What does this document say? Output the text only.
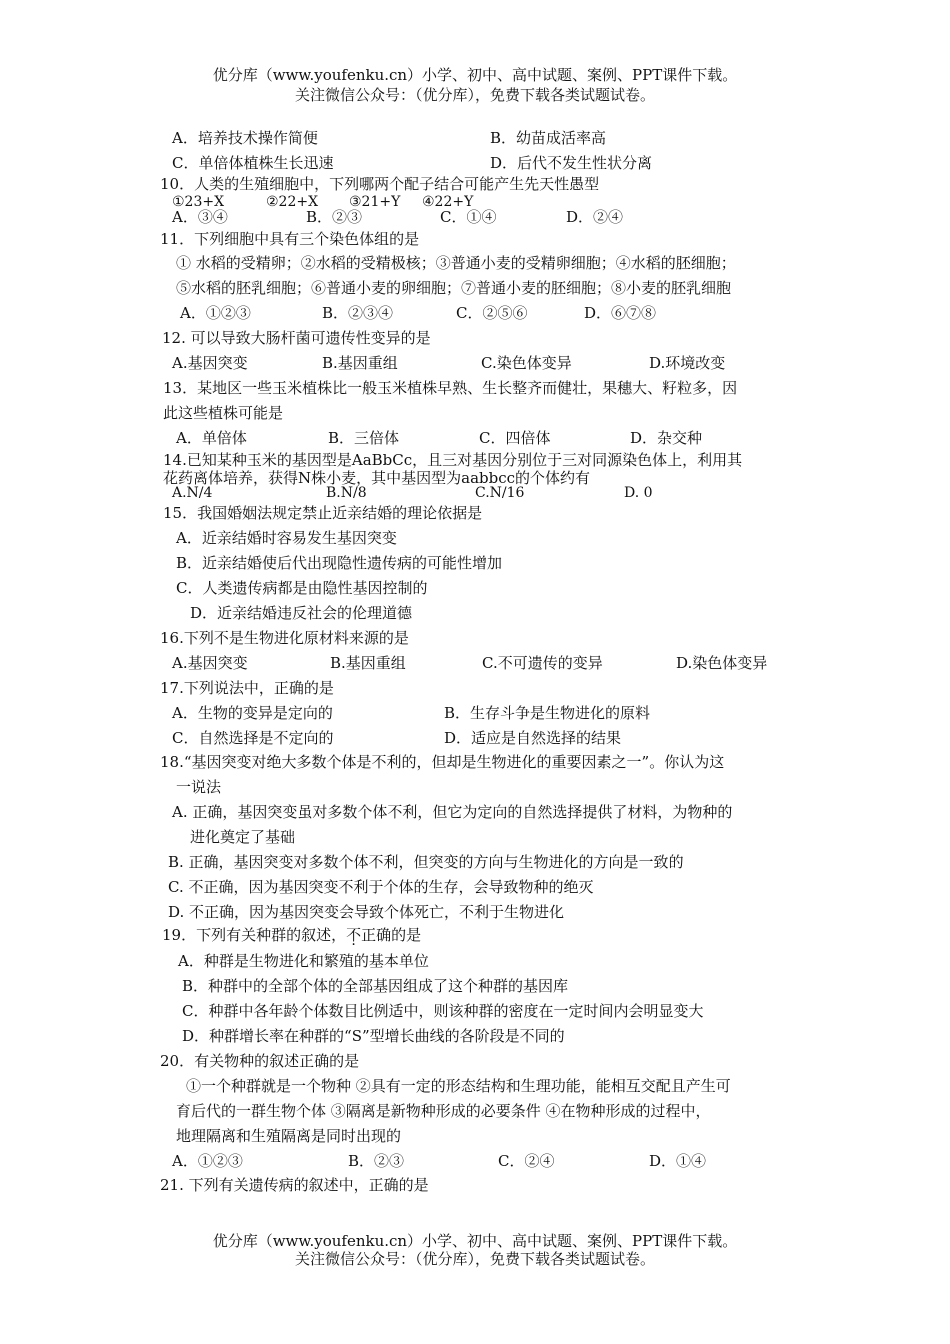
优分库（www.youfenku.cn）小学、初中、高中试题、案例、PPT课件下载。
关注微信公众号：（优分库），免费下载各类试题试卷。
A．培养技术操作简便	B．幼苗成活率高
C．单倍体植株生长迅速	D．后代不发生性状分离
10．人类的生殖细胞中，下列哪两个配子结合可能产生先天性愚型
①23+X	②22+X ③21+Y ④22+Y
A．③④	B．②③	C．①④	D．②④
11．下列细胞中具有三个染色体组的是
① 水稻的受精卵；②水稻的受精极核；③普通小麦的受精卵细胞；④水稻的胚细胞；
⑤水稻的胚乳细胞；⑥普通小麦的卵细胞；⑦普通小麦的胚细胞；⑧小麦的胚乳细胞
A．①②③	B．②③④	C．②⑤⑥	D．⑥⑦⑧
12. 可以导致大肠杆菌可遗传性变异的是
A.基因突变	B.基因重组	C.染色体变异	D.环境改变
13．某地区一些玉米植株比一般玉米植株早熟、生长整齐而健壮，果穗大、籽粒多，因
此这些植株可能是
A．单倍体	B．三倍体	C．四倍体	D．杂交种
14.已知某种玉米的基因型是AaBbCc，且三对基因分别位于三对同源染色体上，利用其
花药离体培养，获得N株小麦，其中基因型为aabbcc的个体约有
A.N/4	B.N/8	C.N/16	D. 0
15．我国婚姻法规定禁止近亲结婚的理论依据是
A．近亲结婚时容易发生基因突变
B．近亲结婚使后代出现隐性遗传病的可能性增加
C．人类遗传病都是由隐性基因控制的
D．近亲结婚违反社会的伦理道德
16.下列不是生物进化原材料来源的是
A.基因突变	B.基因重组	C.不可遗传的变异	D.染色体变异
17.下列说法中，正确的是
A．生物的变异是定向的	B．生存斗争是生物进化的原料
C．自然选择是不定向的	D．适应是自然选择的结果
18.“基因突变对绝大多数个体是不利的，但却是生物进化的重要因素之一”。你认为这
一说法
A. 正确，基因突变虽对多数个体不利，但它为定向的自然选择提供了材料，为物种的
进化奠定了基础
B. 正确，基因突变对多数个体不利，但突变的方向与生物进化的方向是一致的
C. 不正确，因为基因突变不利于个体的生存，会导致物种的绝灭
D. 不正确，因为基因突变会导致个体死亡，不利于生物进化
19．下列有关种群的叙述，不正确的是
A．种群是生物进化和繁殖的基本单位
B．种群中的全部个体的全部基因组成了这个种群的基因库
C．种群中各年龄个体数目比例适中，则该种群的密度在一定时间内会明显变大
D．种群增长率在种群的“S”型增长曲线的各阶段是不同的
20．有关物种的叙述正确的是
①一个种群就是一个物种 ②具有一定的形态结构和生理功能，能相互交配且产生可
育后代的一群生物个体 ③隔离是新物种形成的必要条件 ④在物种形成的过程中，
地理隔离和生殖隔离是同时出现的
A．①②③	B．②③	C．②④	D．①④
21. 下列有关遗传病的叙述中，正确的是
优分库（www.youfenku.cn）小学、初中、高中试题、案例、PPT课件下载。
关注微信公众号：（优分库），免费下载各类试题试卷。
